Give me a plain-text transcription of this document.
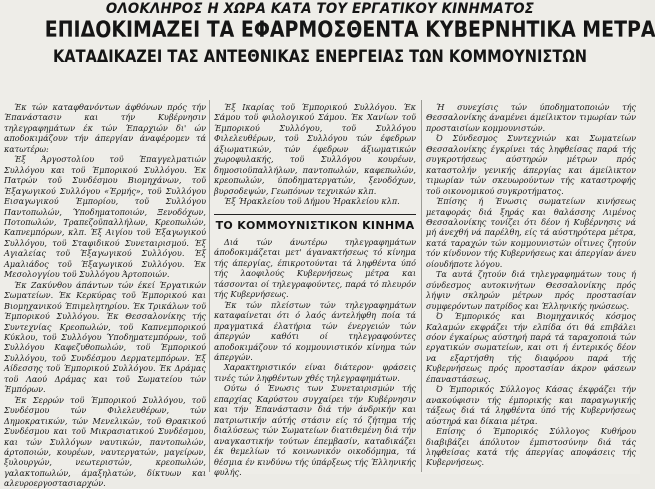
ΟΛΟΚΛΗΡΟΣ Η ΧΩΡΑ ΚΑΤΑ ΤΟΥ ΕΡΓΑΤΙΚΟΥ ΚΙΝΗΜΑΤΟΣ
ΕΠΙΔΟΚΙΜΑΖΕΙ ΤΑ ΕΦΑΡΜΟΣΘΕΝΤΑ ΚΥΒΕΡΝΗΤΙΚΑ ΜΕΤΡΑ
ΚΑΤΑΔΙΚΑΖΕΙ ΤΑΣ ΑΝΤΕΘΝΙΚΑΣ ΕΝΕΡΓΕΙΑΣ ΤΩΝ ΚΟΜΜΟΥΝΙΣΤΩΝ

Έκ τών καταφθανόντων άφθόνων πρός τήν Έπανάστασιν και τήν Κυβέρνησιν τηλεγραφημάτων έκ τών Έπαρχιών δι' ών αποδοκιμάζουν τήν άπεργίαν άναφέρομεν τά κατωτέρω:

Έξ Άργοστολίου τοϋ Έπαγγελματιών Συλλόγου και τοϋ Έμπορικού Συλλόγου. Έκ Πατρών τοϋ Συνδέσμου Βιομηχάνων, τοϋ Έξαγωγικού Συλλόγου «Έρμής», τοϋ Συλλόγου Εισαγωγικού Έμπορίου, τοϋ Συλλόγου Παντοπωλών, Ύποδηματοποιών, Ξενοδόχων, Ποτοπωλών, Τραπεζοϋπαλλήλων, Κρεοπωλών, Καπνεμπόρων, κλπ. Έξ Αιγίου τοϋ Έξαγωγικού Συλλόγου, τοϋ Σταφιδικού Συνεταιρισμού. Έξ Αγιαλείας τοϋ Έξαγωγικού Συλλόγου. Έξ Αμαλιάδος τοϋ Έξαγωγικού Συλλόγου. Έκ Μεσολογγίου τοϋ Συλλόγου Άρτοποιών.

Έκ Ζακύνθου άπάντων τών έκεί Έργατικών Σωματείων. Έκ Κερκύρας τοϋ Έμπορικού και Βιομηχανικού Έπιμελητηρίου. Έκ Τρικάλων τοϋ Έμπορικού Συλλόγου. Έκ Θεσσαλονίκης τής Συντεχνίας Κρεοπωλών, τοϋ Καπνεμπορικού Κύκλου, τοϋ Συλλόγου Ύποδηματεμπόρων, τοϋ Συλλόγου Καφεζυθοπωλών, τοϋ Έμπορικού Συλλόγου, τοϋ Συνδέσμου Δερματεμπόρων. Έξ Αίδεσσης τοϋ Έμπορικού Συλλόγου. Έκ Δράμας τοϋ Λαού Δράμας και τοϋ Σωματείου τών Έμπόρων.

Έκ Σερρών τοϋ Έμπορικού Συλλόγου, τοϋ Συνδέσμου τών Φιλελευθέρων, τών Δημοκρατικών, τών Μενελικών, τοϋ Θρακικού Συνδέσμου και τοϋ Μικρασιατικού Συνδέσμου, και τών Συλλόγων ναυτικών, παντοπωλών, άρτοποιών, κουρέων, ναυτεργατών, μαγείρων, ξυλουργών, νεωτεριστών, κρεοπωλών, γαλακτοπωλών, άμαξηλατών, δίκτυων και αλευροεργοστασιαρχών.

Έξ Ικαρίας τοϋ Έμπορικού Συλλόγου. Έκ Σάμου τοϋ φιλολογικού Σάμου. Έκ Χανίων τοϋ Έμπορικού Συλλόγου, τοϋ Συλλόγου Φιλελευθέρων, τοϋ Συλλόγου τών έφεδρων άξιωματικών, τών έφεδρων άξιωματικών χωροφυλακής, τοϋ Συλλόγου κουρέων, δημοσιοϋπαλλήλων, παντοπωλών, καφεπωλών, κρεοπωλών, ύποδηματεργατών, ξενοδόχων, βυρσοδεψών, Γεωπόνων τεχνικών κλπ.

Έξ Ήρακλείου τοϋ Δήμου Ήρακλείου κλπ.

ΤΟ ΚΟΜΜΟΥΝΙΣΤΙΚΟΝ ΚΙΝΗΜΑ

Διά τών άνωτέρω τηλεγραφημάτων άποδοκιμάζεται μετ' άγανακτήσεως τό κίνημα τής άπεργίας, έπικροτούνται τά ληφθέντα ύπό τής λαοφιλούς Κυβερνήσεως μέτρα και τάσσονται οί τηλεγραφούντες, παρά τό πλευρόν τής Κυβερνήσεως.

Έκ τών πλείστων τών τηλεγραφημάτων καταφαίνεται ότι ό λαός άντελήφθη ποία τά πραγματικά έλατήρια τών ένεργειών τών άπεργών καθότι οί τηλεγραφούντες αποδοκιμάζουν τό κομμουνιστικόν κίνημα τών άπεργών.

Χαρακτηριστικόν είναι διάτερον· φράσεις τινές τών ληφθέντων χθές τηλεγραφημάτων.

Ούτω ό Ένωσις των Συνεταιρισμών τής επαρχίας Καρύστου συγχαίρει τήν Κυβέρνησιν και τήν Έπανάστασιν διά τήν άνδρικήν και πατριωτικήν αύτής στάσιν είς τό ζήτημα τής διαλύσεως τών Σωματείων διατιθεμένη διά τήν αναγκαστικήν τούτων έπεμβασίν, καταδικάζει έκ θεμελίων τό κοινωνικόν οικοδόμημα, τά θέσμια έν κινδύνω τής ύπάρξεως τής Έλληνικής φυλής.

Ή συνεχίσις τών ύποδηματοποιών τής Θεσσαλονίκης άναμένει άμείλικτον τιμωρίαν τών προσταισίων κομμουνιστών.

Ό Σύνδεσμος Συντεχνιών και Σωματείων Θεσσαλονίκης έγκρίνει τάς ληφθείσας παρά τής συγκροτήσεως αύστηρών μέτρων πρός καταστολήν γενικής άπεργίας και άμείλικτον τιμωρίαν τών σκευωρούντων τής καταστροφής τοϋ οικονομικού συγκροτήματος.

Έπίσης ή Ένωσις σωματείων κινήσεως μεταφοράς διά ξηράς και θαλάσσης Λιμένος Θεσσαλονίκης τονίζει ότι δέον ή Κυβέρνησις νά μή άνεχθή νά παρέλθη, είς τά αύστηρότερα μέτρα, κατά ταραχών τών κομμουνιστών οΐτινες ζητούν τόν κίνδυνον τής Κυβερνήσεως και άπεργίαν άνευ οίουδήποτε λόγου.

Τα αυτά ζητούν διά τηλεγραφημάτων τους ή σύνδεσμος αυτοκινήτων Θεσσαλονίκης πρός λήψιν σκληρών μέτρων πρός προστασίαν συμφερόντων πατρίδος και Έλληνικής ηνώσεως.

Ό Έμπορικός και Βιομηχανικός κόσμος Καλαμών εκφράζει τήν ελπίδα ότι θά επιβάλει σόον έγκαίρως αύστηρή παρά τά ταραχοποιά τών εργατικών σωματείων, και οτι ή έντερικός δέον να εξαρτήσθη τής διαφόρου παρά τής Κυβερνήσεως πρός προστασίαν άκρον φάσεων έπαναστάσεως.

Ό Έμπορικός Σύλλογος Κάσας έκφράζει τήν ανακούφισιν τής έμπορικής και παραγωγικής τάξεως διά τά ληφθέντα ύπό τής Κυβερνήσεως αύστηρά και δίκαια μέτρα.

Επίσης ό Έμπορικός Σύλλογος Κυθήρου διαβιβάζει άπόλυτον έμπιστοσύνην διά τάς ληφθείσας κατά τής άπεργίας αποφάσεις τής Κυβερνήσεως.
